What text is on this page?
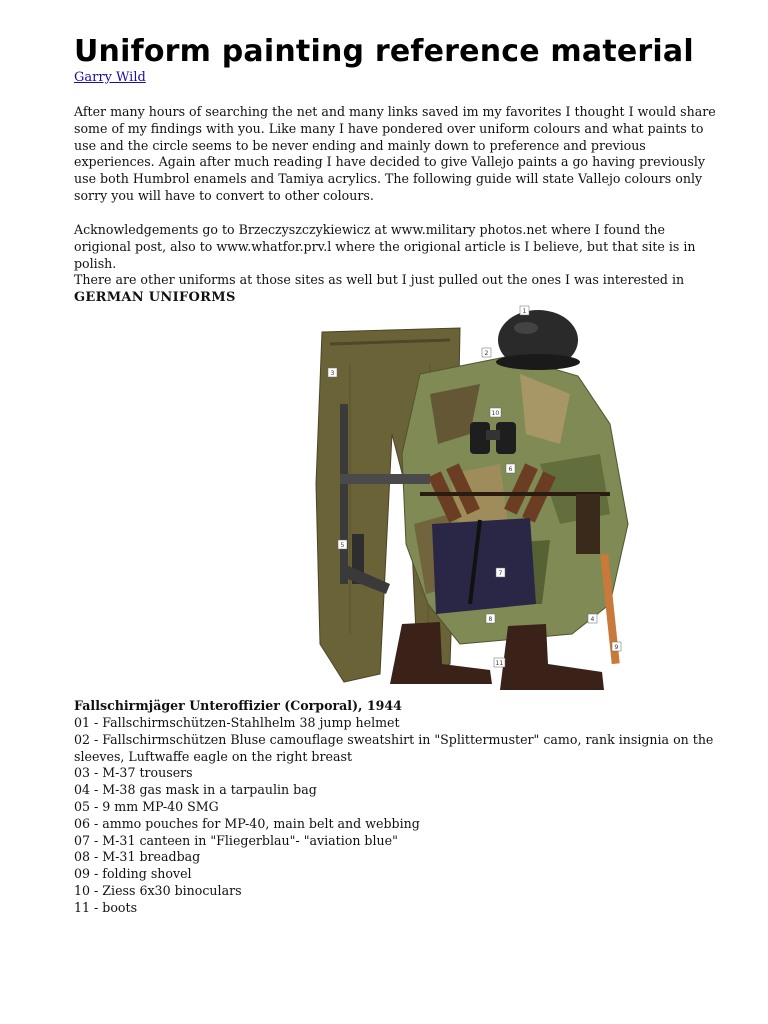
Uniform painting reference material
Garry Wild

After many hours of searching the net and many links saved im my favorites I thought I would share some of my findings with you. Like many I have pondered over uniform colours and what paints to use and the circle seems to be never ending and mainly down to preference and previous experiences. Again after much reading I have decided to give Vallejo paints a go having previously use both Humbrol enamels and Tamiya acrylics. The following guide will state Vallejo colours only sorry you will have to convert to other colours.

Acknowledgements go to Brzeczyszczykiewicz at www.military photos.net where I found the origional post, also to www.whatfor.prv.l where the origional article is I believe, but that site is in polish.
There are other uniforms at those sites as well but I just pulled out the ones I was interested in

GERMAN UNIFORMS
1
2
3
4
5
6
7
8
9
10
11
Fallschirmjäger Unteroffizier (Corporal), 1944
01 - Fallschirmschützen-Stahlhelm 38 jump helmet
02 - Fallschirmschützen Bluse camouflage sweatshirt in "Splittermuster" camo, rank insignia on the sleeves, Luftwaffe eagle on the right breast
03 - M-37 trousers
04 - M-38 gas mask in a tarpaulin bag
05 - 9 mm MP-40 SMG
06 - ammo pouches for MP-40, main belt and webbing
07 - M-31 canteen in "Fliegerblau"- "aviation blue"
08 - M-31 breadbag
09 - folding shovel
10 - Ziess 6x30 binoculars
11 - boots
